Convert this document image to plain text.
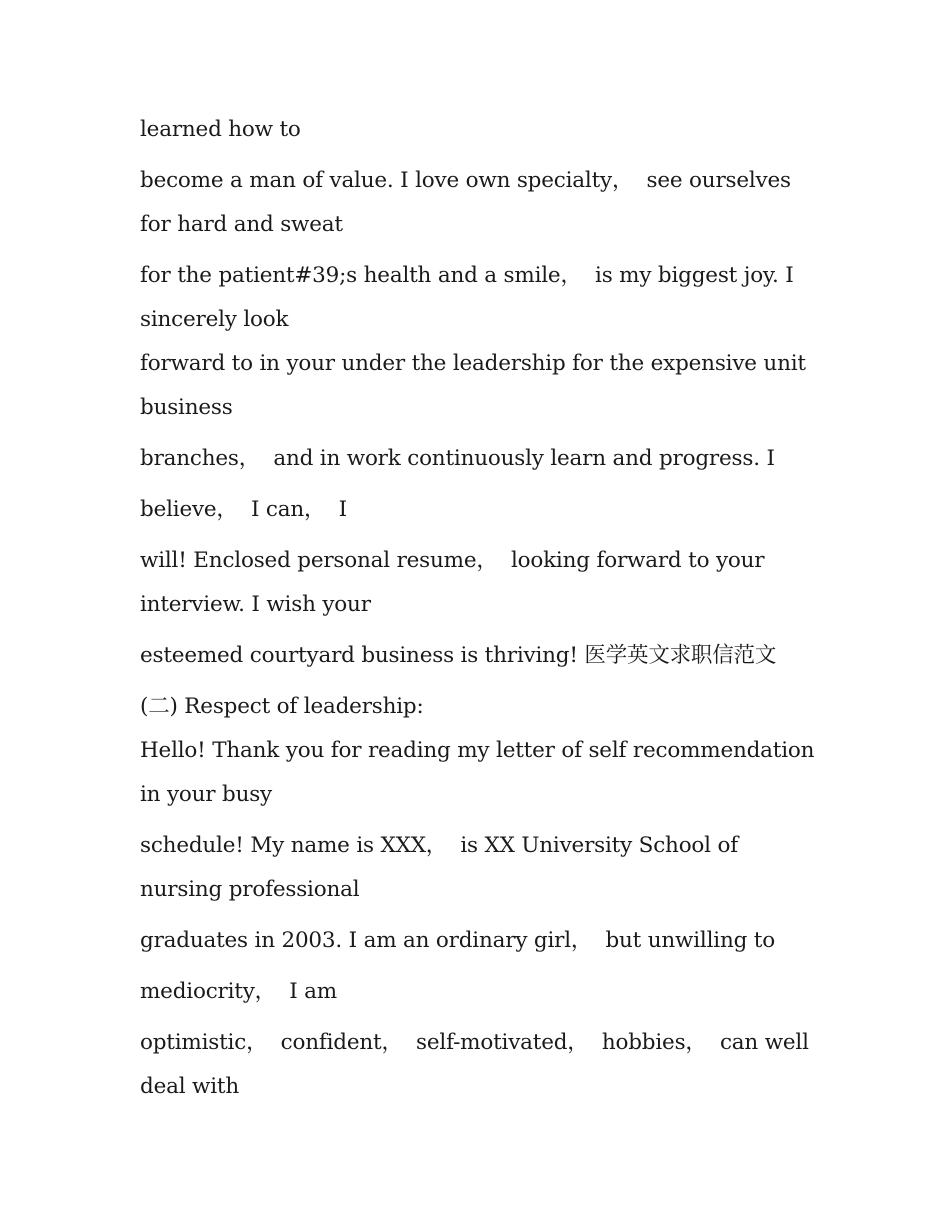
learned how to

become a man of value. I love own specialty，  see ourselves for hard and sweat

for the patient#39;s health and a smile，  is my biggest joy. I sincerely look

forward to in your under the leadership for the expensive unit business

branches，  and in work continuously learn and progress. I

believe，  I can，  I

will! Enclosed personal resume，  looking forward to your interview. I wish your

esteemed courtyard business is thriving! 医学英文求职信范文

(二) Respect of leadership:

Hello! Thank you for reading my letter of self recommendation in your busy

schedule! My name is XXX，  is XX University School of nursing professional

graduates in 2003. I am an ordinary girl，  but unwilling to

mediocrity，  I am

optimistic，  confident，  self-motivated，  hobbies，  can well deal with
